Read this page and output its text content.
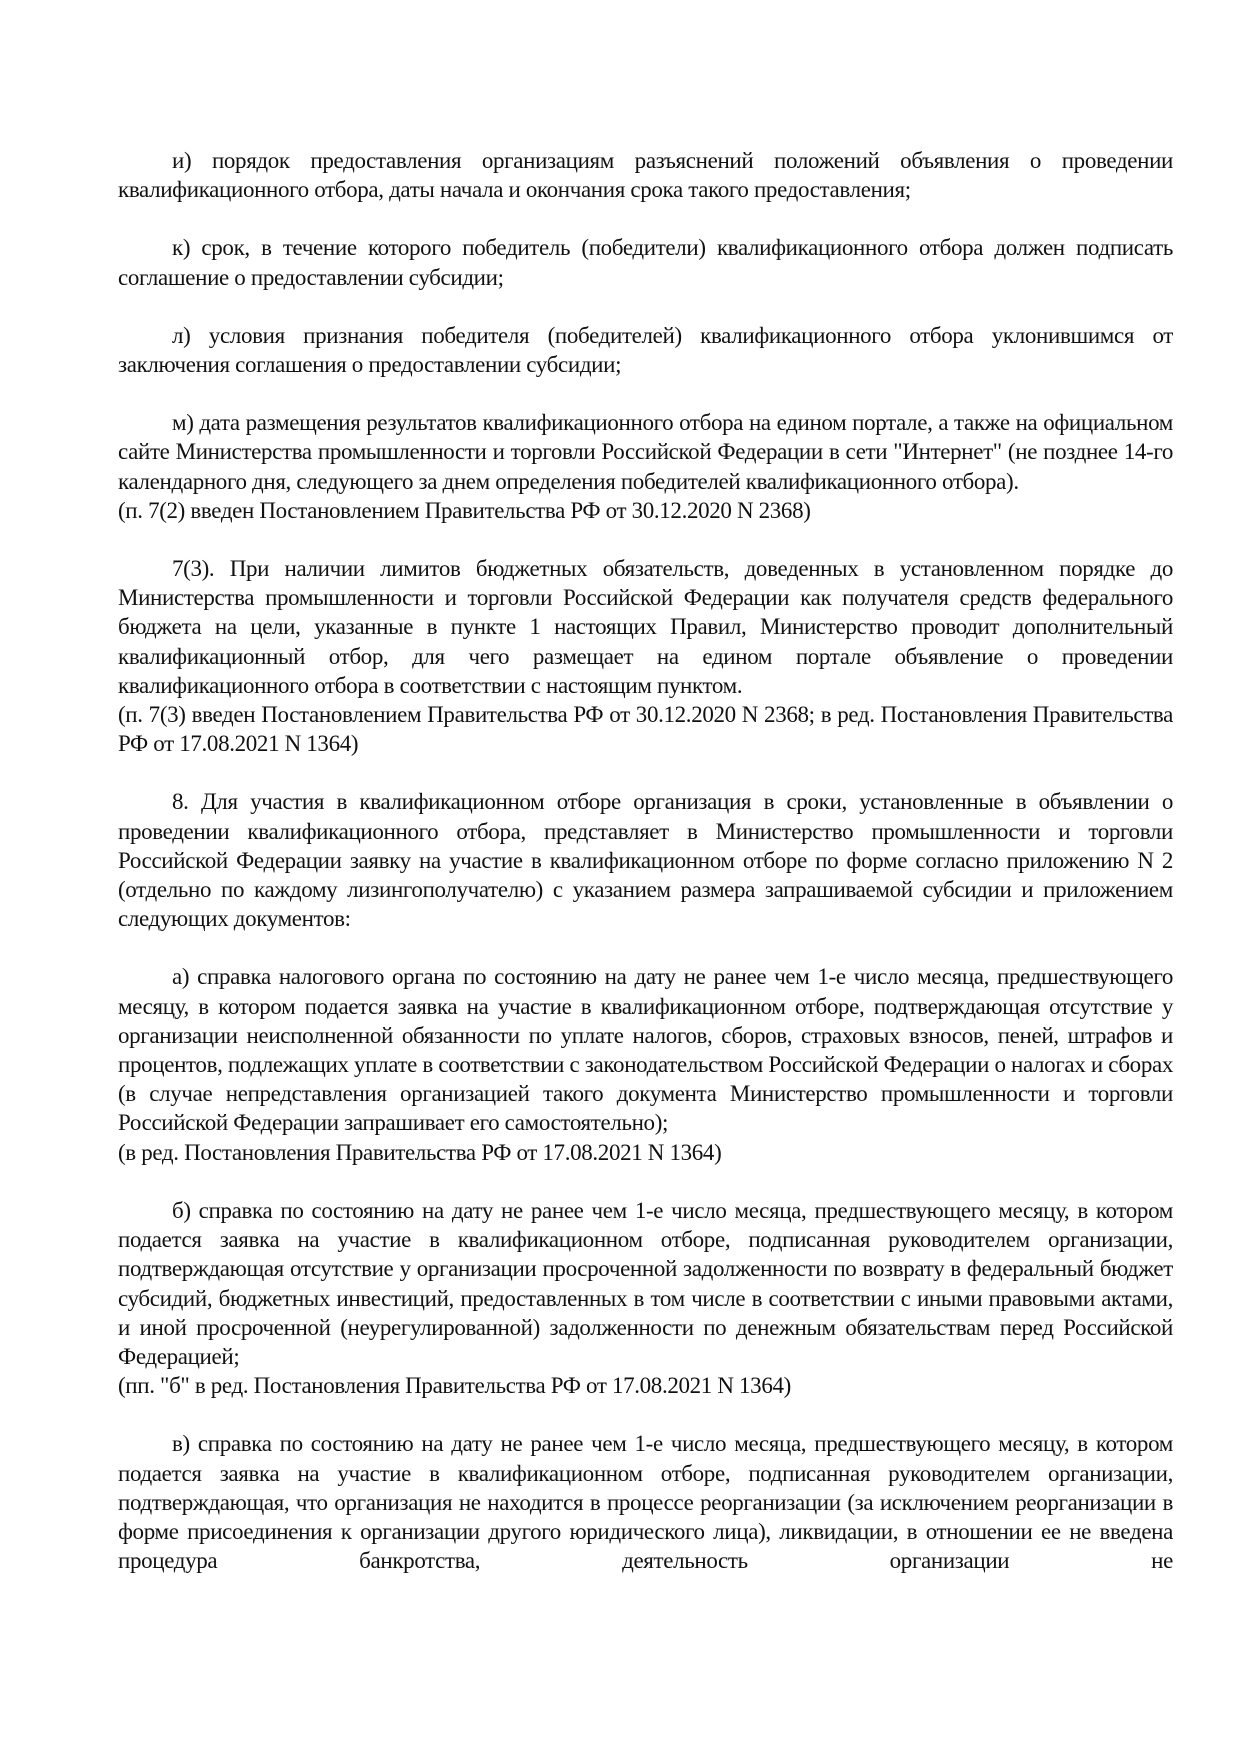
и) порядок предоставления организациям разъяснений положений объявления о проведении квалификационного отбора, даты начала и окончания срока такого предоставления;

к) срок, в течение которого победитель (победители) квалификационного отбора должен подписать соглашение о предоставлении субсидии;

л) условия признания победителя (победителей) квалификационного отбора уклонившимся от заключения соглашения о предоставлении субсидии;

м) дата размещения результатов квалификационного отбора на едином портале, а также на официальном сайте Министерства промышленности и торговли Российской Федерации в сети "Интернет" (не позднее 14-го календарного дня, следующего за днем определения победителей квалификационного отбора).

(п. 7(2) введен Постановлением Правительства РФ от 30.12.2020 N 2368)

7(3). При наличии лимитов бюджетных обязательств, доведенных в установленном порядке до Министерства промышленности и торговли Российской Федерации как получателя средств федерального бюджета на цели, указанные в пункте 1 настоящих Правил, Министерство проводит дополнительный квалификационный отбор, для чего размещает на едином портале объявление о проведении квалификационного отбора в соответствии с настоящим пунктом.

(п. 7(3) введен Постановлением Правительства РФ от 30.12.2020 N 2368; в ред. Постановления Правительства РФ от 17.08.2021 N 1364)

8. Для участия в квалификационном отборе организация в сроки, установленные в объявлении о проведении квалификационного отбора, представляет в Министерство промышленности и торговли Российской Федерации заявку на участие в квалификационном отборе по форме согласно приложению N 2 (отдельно по каждому лизингополучателю) с указанием размера запрашиваемой субсидии и приложением следующих документов:

а) справка налогового органа по состоянию на дату не ранее чем 1-е число месяца, предшествующего месяцу, в котором подается заявка на участие в квалификационном отборе, подтверждающая отсутствие у организации неисполненной обязанности по уплате налогов, сборов, страховых взносов, пеней, штрафов и процентов, подлежащих уплате в соответствии с законодательством Российской Федерации о налогах и сборах (в случае непредставления организацией такого документа Министерство промышленности и торговли Российской Федерации запрашивает его самостоятельно);

(в ред. Постановления Правительства РФ от 17.08.2021 N 1364)

б) справка по состоянию на дату не ранее чем 1-е число месяца, предшествующего месяцу, в котором подается заявка на участие в квалификационном отборе, подписанная руководителем организации, подтверждающая отсутствие у организации просроченной задолженности по возврату в федеральный бюджет субсидий, бюджетных инвестиций, предоставленных в том числе в соответствии с иными правовыми актами, и иной просроченной (неурегулированной) задолженности по денежным обязательствам перед Российской Федерацией;

(пп. "б" в ред. Постановления Правительства РФ от 17.08.2021 N 1364)

в) справка по состоянию на дату не ранее чем 1-е число месяца, предшествующего месяцу, в котором подается заявка на участие в квалификационном отборе, подписанная руководителем организации, подтверждающая, что организация не находится в процессе реорганизации (за исключением реорганизации в форме присоединения к организации другого юридического лица), ликвидации, в отношении ее не введена процедура банкротства, деятельность организации не
